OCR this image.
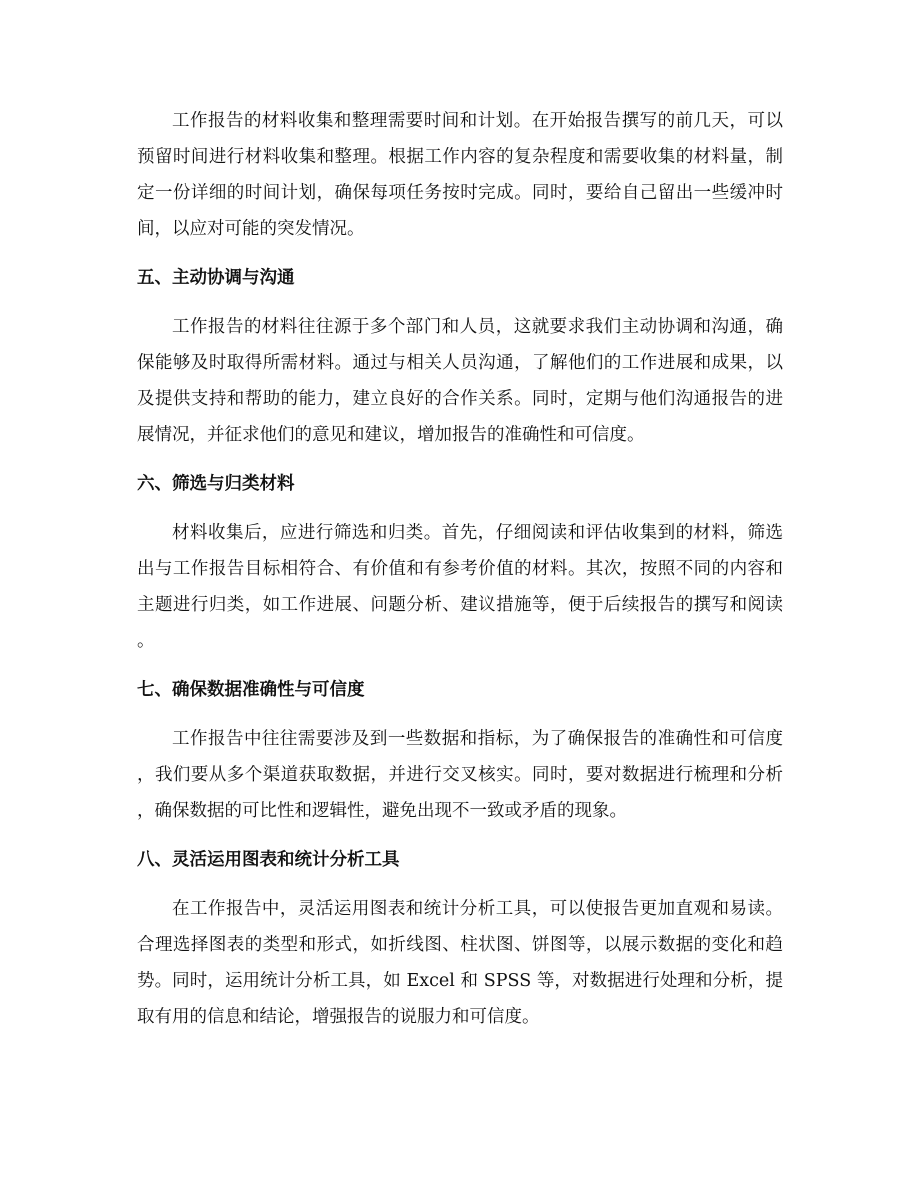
工作报告的材料收集和整理需要时间和计划。在开始报告撰写的前几天，可以
预留时间进行材料收集和整理。根据工作内容的复杂程度和需要收集的材料量，制
定一份详细的时间计划，确保每项任务按时完成。同时，要给自己留出一些缓冲时
间，以应对可能的突发情况。
五、主动协调与沟通
工作报告的材料往往源于多个部门和人员，这就要求我们主动协调和沟通，确
保能够及时取得所需材料。通过与相关人员沟通，了解他们的工作进展和成果，以
及提供支持和帮助的能力，建立良好的合作关系。同时，定期与他们沟通报告的进
展情况，并征求他们的意见和建议，增加报告的准确性和可信度。
六、筛选与归类材料
材料收集后，应进行筛选和归类。首先，仔细阅读和评估收集到的材料，筛选
出与工作报告目标相符合、有价值和有参考价值的材料。其次，按照不同的内容和
主题进行归类，如工作进展、问题分析、建议措施等，便于后续报告的撰写和阅读
。
七、确保数据准确性与可信度
工作报告中往往需要涉及到一些数据和指标，为了确保报告的准确性和可信度
，我们要从多个渠道获取数据，并进行交叉核实。同时，要对数据进行梳理和分析
，确保数据的可比性和逻辑性，避免出现不一致或矛盾的现象。
八、灵活运用图表和统计分析工具
在工作报告中，灵活运用图表和统计分析工具，可以使报告更加直观和易读。
合理选择图表的类型和形式，如折线图、柱状图、饼图等，以展示数据的变化和趋
势。同时，运用统计分析工具，如 Excel 和 SPSS 等，对数据进行处理和分析，提
取有用的信息和结论，增强报告的说服力和可信度。
